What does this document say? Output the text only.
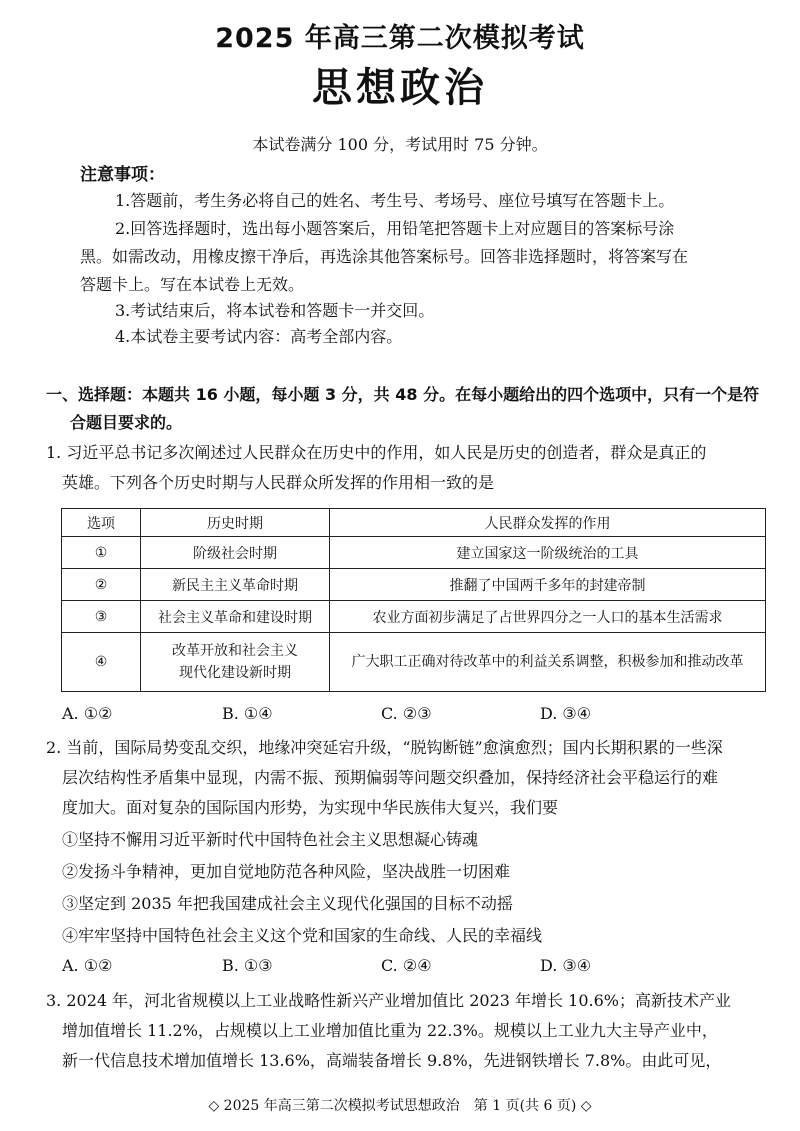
2025 年高三第二次模拟考试
思想政治
本试卷满分 100 分，考试用时 75 分钟。
注意事项：
1.答题前，考生务必将自己的姓名、考生号、考场号、座位号填写在答题卡上。
2.回答选择题时，选出每小题答案后，用铅笔把答题卡上对应题目的答案标号涂
黑。如需改动，用橡皮擦干净后，再选涂其他答案标号。回答非选择题时，将答案写在
答题卡上。写在本试卷上无效。
3.考试结束后，将本试卷和答题卡一并交回。
4.本试卷主要考试内容：高考全部内容。
一、选择题：本题共 16 小题，每小题 3 分，共 48 分。在每小题给出的四个选项中，只有一个是符
合题目要求的。
1. 习近平总书记多次阐述过人民群众在历史中的作用，如人民是历史的创造者，群众是真正的
英雄。下列各个历史时期与人民群众所发挥的作用相一致的是
选项	历史时期	人民群众发挥的作用
①	阶级社会时期	建立国家这一阶级统治的工具
②	新民主主义革命时期	推翻了中国两千多年的封建帝制
③	社会主义革命和建设时期	农业方面初步满足了占世界四分之一人口的基本生活需求
④	改革开放和社会主义
现代化建设新时期	广大职工正确对待改革中的利益关系调整，积极参加和推动改革
A. ①②	B. ①④	C. ②③	D. ③④
2. 当前，国际局势变乱交织，地缘冲突延宕升级，“脱钩断链”愈演愈烈；国内长期积累的一些深
层次结构性矛盾集中显现，内需不振、预期偏弱等问题交织叠加，保持经济社会平稳运行的难
度加大。面对复杂的国际国内形势，为实现中华民族伟大复兴，我们要
①坚持不懈用习近平新时代中国特色社会主义思想凝心铸魂
②发扬斗争精神，更加自觉地防范各种风险，坚决战胜一切困难
③坚定到 2035 年把我国建成社会主义现代化强国的目标不动摇
④牢牢坚持中国特色社会主义这个党和国家的生命线、人民的幸福线
A. ①②	B. ①③	C. ②④	D. ③④
3. 2024 年，河北省规模以上工业战略性新兴产业增加值比 2023 年增长 10.6%；高新技术产业
增加值增长 11.2%，占规模以上工业增加值比重为 22.3%。规模以上工业九大主导产业中，
新一代信息技术增加值增长 13.6%，高端装备增长 9.8%，先进钢铁增长 7.8%。由此可见，
◇ 2025 年高三第二次模拟考试思想政治　第 1 页(共 6 页) ◇
